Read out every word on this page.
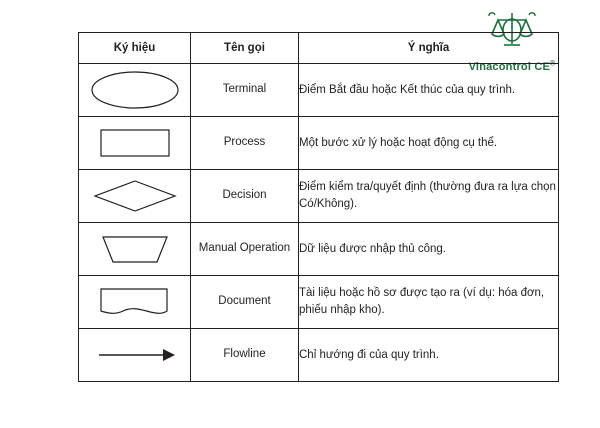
Vinacontrol CE®
Ký hiệu	Tên gọi	Ý nghĩa

	Terminal	Điểm Bắt đầu hoặc Kết thúc của quy trình.

	Process	Một bước xử lý hoặc hoạt động cụ thể.

	Decision	Điểm kiểm tra/quyết định (thường đưa ra lựa chọn Có/Không).

	Manual Operation	Dữ liệu được nhập thủ công.

	Document	Tài liệu hoặc hồ sơ được tạo ra (ví dụ: hóa đơn, phiếu nhập kho).

	Flowline	Chỉ hướng đi của quy trình.
